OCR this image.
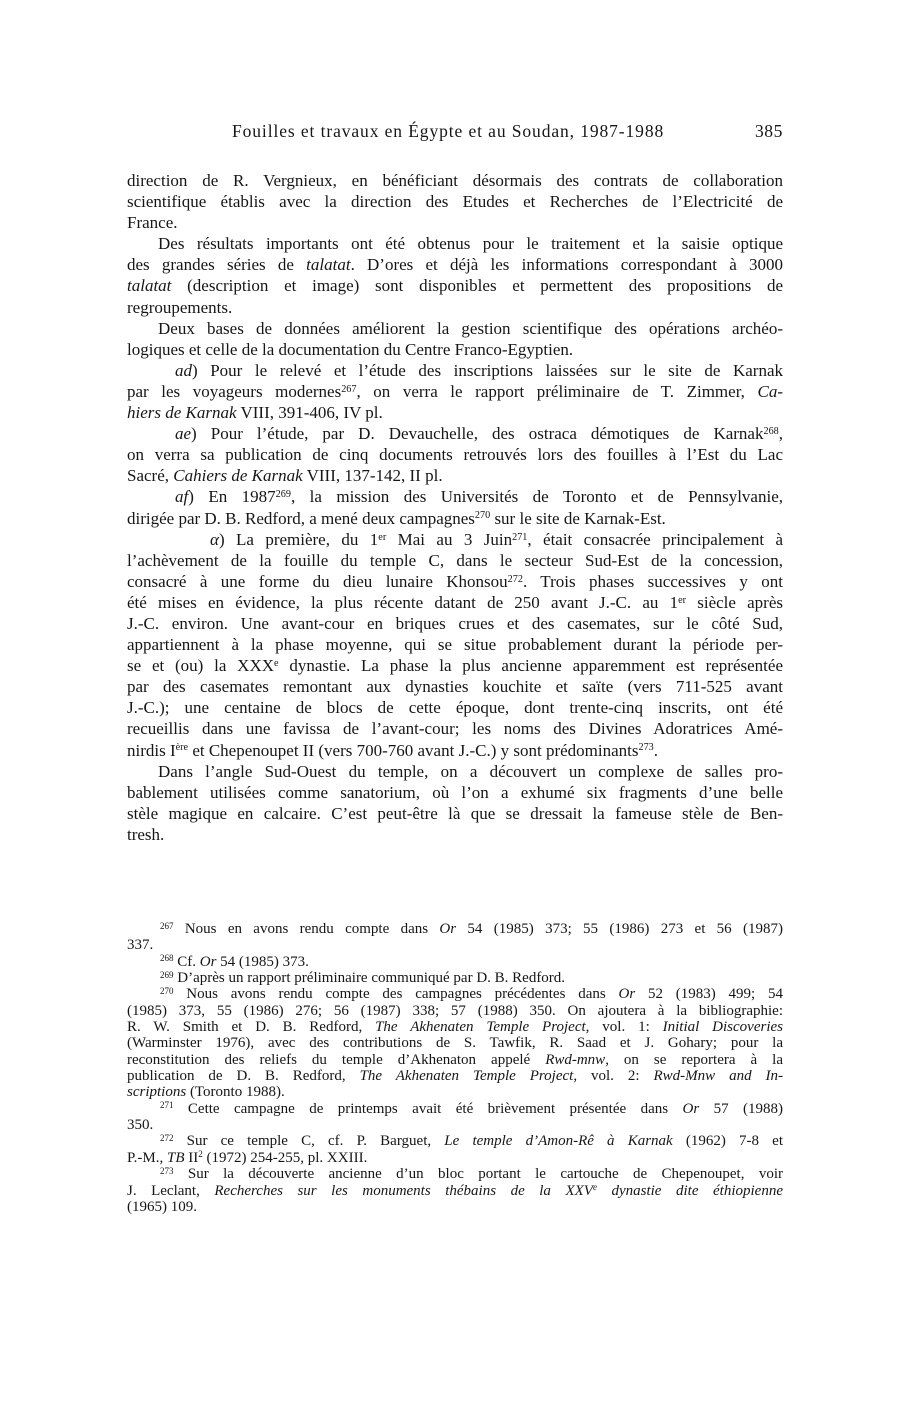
Fouilles et travaux en Égypte et au Soudan, 1987-1988	385
direction de R. Vergnieux, en bénéficiant désormais des contrats de collaboration
scientifique établis avec la direction des Etudes et Recherches de l’Electricité de
France.
Des résultats importants ont été obtenus pour le traitement et la saisie optique
des grandes séries de talatat. D’ores et déjà les informations correspondant à 3000
talatat (description et image) sont disponibles et permettent des propositions de
regroupements.
Deux bases de données améliorent la gestion scientifique des opérations archéo-
logiques et celle de la documentation du Centre Franco-Egyptien.
ad) Pour le relevé et l’étude des inscriptions laissées sur le site de Karnak
par les voyageurs modernes$^{267}$, on verra le rapport préliminaire de T. Zimmer, Ca-
hiers de Karnak VIII, 391-406, IV pl.
ae) Pour l’étude, par D. Devauchelle, des ostraca démotiques de Karnak$^{268}$,
on verra sa publication de cinq documents retrouvés lors des fouilles à l’Est du Lac
Sacré, Cahiers de Karnak VIII, 137-142, II pl.
af) En 1987$^{269}$, la mission des Universités de Toronto et de Pennsylvanie,
dirigée par D. B. Redford, a mené deux campagnes$^{270}$ sur le site de Karnak-Est.
α) La première, du 1er Mai au 3 Juin$^{271}$, était consacrée principalement à
l’achèvement de la fouille du temple C, dans le secteur Sud-Est de la concession,
consacré à une forme du dieu lunaire Khonsou$^{272}$. Trois phases successives y ont
été mises en évidence, la plus récente datant de 250 avant J.-C. au 1er siècle après
J.-C. environ. Une avant-cour en briques crues et des casemates, sur le côté Sud,
appartiennent à la phase moyenne, qui se situe probablement durant la période per-
se et (ou) la XXXe dynastie. La phase la plus ancienne apparemment est représentée
par des casemates remontant aux dynasties kouchite et saïte (vers 711-525 avant
J.-C.); une centaine de blocs de cette époque, dont trente-cinq inscrits, ont été
recueillis dans une favissa de l’avant-cour; les noms des Divines Adoratrices Amé-
nirdis Ière et Chepenoupet II (vers 700-760 avant J.-C.) y sont prédominants$^{273}$.
Dans l’angle Sud-Ouest du temple, on a découvert un complexe de salles pro-
bablement utilisées comme sanatorium, où l’on a exhumé six fragments d’une belle
stèle magique en calcaire. C’est peut-être là que se dressait la fameuse stèle de Ben-
tresh.
$^{267}$ Nous en avons rendu compte dans Or 54 (1985) 373; 55 (1986) 273 et 56 (1987)
337.
$^{268}$ Cf. Or 54 (1985) 373.
$^{269}$ D’après un rapport préliminaire communiqué par D. B. Redford.
$^{270}$ Nous avons rendu compte des campagnes précédentes dans Or 52 (1983) 499; 54
(1985) 373, 55 (1986) 276; 56 (1987) 338; 57 (1988) 350. On ajoutera à la bibliographie:
R. W. Smith et D. B. Redford, The Akhenaten Temple Project, vol. 1: Initial Discoveries
(Warminster 1976), avec des contributions de S. Tawfik, R. Saad et J. Gohary; pour la
reconstitution des reliefs du temple d’Akhenaton appelé Rwd-mnw, on se reportera à la
publication de D. B. Redford, The Akhenaten Temple Project, vol. 2: Rwd-Mnw and In-
scriptions (Toronto 1988).
$^{271}$ Cette campagne de printemps avait été brièvement présentée dans Or 57 (1988)
350.
$^{272}$ Sur ce temple C, cf. P. Barguet, Le temple d’Amon-Rê à Karnak (1962) 7-8 et
P.-M., TB $II^2$ (1972) 254-255, pl. XXIII.
$^{273}$ Sur la découverte ancienne d’un bloc portant le cartouche de Chepenoupet, voir
J. Leclant, Recherches sur les monuments thébains de la XXVe dynastie dite éthiopienne
(1965) 109.
